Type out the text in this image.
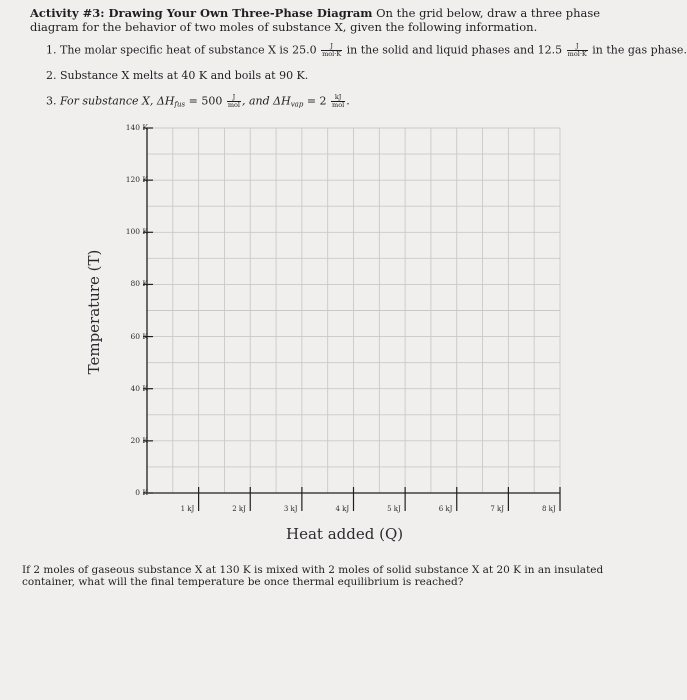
Activity #3: Drawing Your Own Three-Phase Diagram On the grid below, draw a three phase diagram for the behavior of two moles of substance X, given the following information.
1. The molar specific heat of substance X is $25.0 \frac{J}{\text{mol·K}}$ in the solid and liquid phases and $12.5 \frac{J}{\text{mol·K}}$ in the gas phase.
2. Substance X melts at 40 K and boils at 90 K.
3. For substance X, $\Delta H_{fus} = 500 \frac{J}{\text{mol}}$ , and $\Delta H_{vap} = 2 \frac{kJ}{\text{mol}}$ .
Temperature (T)
Heat added (Q)
0 K
20 K
40 K
60 K
80 K
100 K
120 K
140 K
1 kJ	2 kJ	3 kJ	4 kJ	5 kJ	6 kJ	7 kJ	8 kJ
If 2 moles of gaseous substance X at 130 K is mixed with 2 moles of solid substance X at 20 K in an insulated container, what will the final temperature be once thermal equilibrium is reached?
